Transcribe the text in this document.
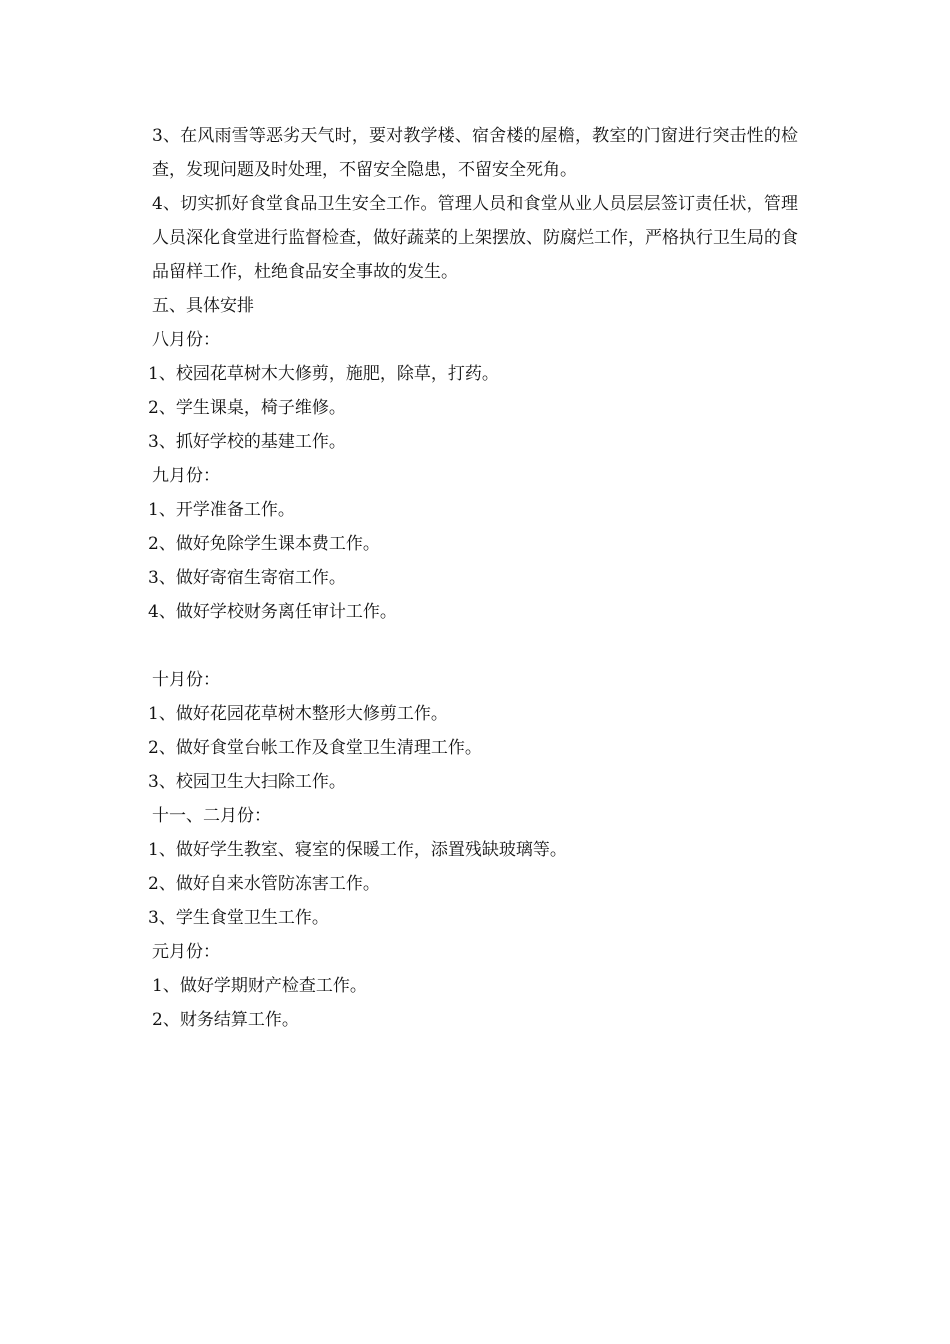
3、在风雨雪等恶劣天气时，要对教学楼、宿舍楼的屋檐，教室的门窗进行突击性的检查，发现问题及时处理，不留安全隐患，不留安全死角。

4、切实抓好食堂食品卫生安全工作。管理人员和食堂从业人员层层签订责任状，管理人员深化食堂进行监督检查，做好蔬菜的上架摆放、防腐烂工作，严格执行卫生局的食品留样工作，杜绝食品安全事故的发生。

五、具体安排

八月份：

1、校园花草树木大修剪，施肥，除草，打药。

2、学生课桌，椅子维修。

3、抓好学校的基建工作。

九月份：

1、开学准备工作。

2、做好免除学生课本费工作。

3、做好寄宿生寄宿工作。

4、做好学校财务离任审计工作。

十月份：

1、做好花园花草树木整形大修剪工作。

2、做好食堂台帐工作及食堂卫生清理工作。

3、校园卫生大扫除工作。

十一、二月份：

1、做好学生教室、寝室的保暖工作，添置残缺玻璃等。

2、做好自来水管防冻害工作。

3、学生食堂卫生工作。

元月份：

1、做好学期财产检查工作。

2、财务结算工作。
